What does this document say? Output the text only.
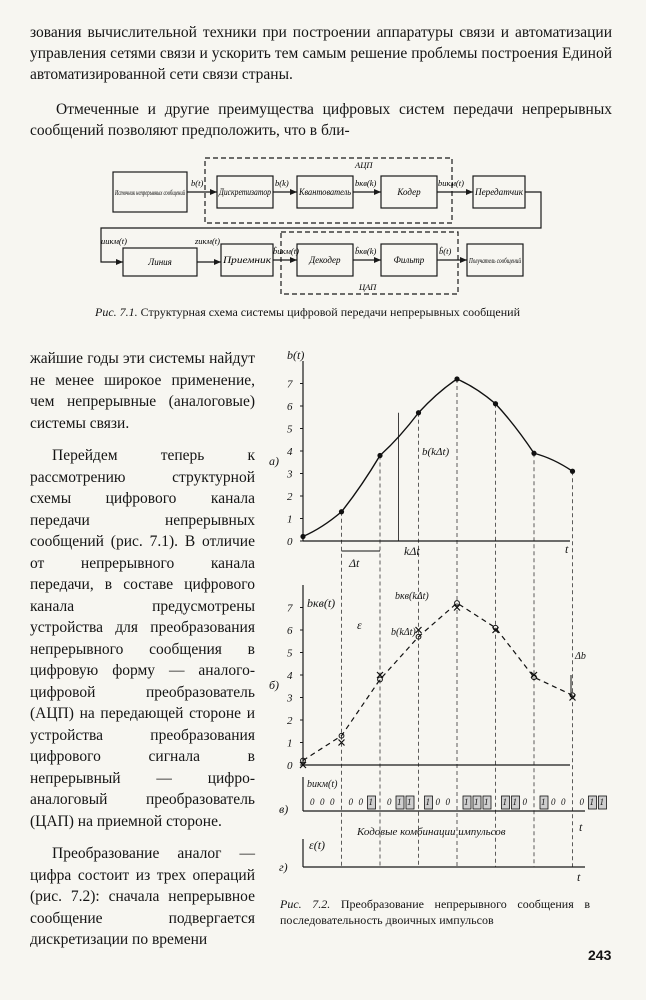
зования вычислительной техники при построении аппаратуры связи и автоматизации управления сетями связи и ускорить тем самым решение проблемы построения Единой автоматизированной сети связи страны.
Отмеченные и другие преимущества цифровых систем передачи непрерывных сообщений позволяют предположить, что в бли-
Источник непрерывных сообщений	Дискретизатор	Квантователь	Кодер	Передатчик
Линия	Приемник	Декодер	Фильтр	Получатель сообщений
АЦП
ЦАП
b(t)	b(k)	bкв(k)	bикм(t)
uикм(t)	zикм(t)
b̂икм(t)	b̂кв(k)	b̂(t)
Рис. 7.1. Структурная схема системы цифровой передачи непрерывных сообщений

жайшие годы эти системы найдут не менее широкое применение, чем непрерывные (аналоговые) системы связи.

Перейдем теперь к рассмотрению структурной схемы цифрового канала передачи непрерывных сообщений (рис. 7.1). В отличие от непрерывного канала передачи, в составе цифрового канала предусмотрены устройства для преобразования непрерывного сообщения в цифровую форму — аналого-цифровой преобразователь (АЦП) на передающей стороне и устройства преобразования цифрового сигнала в непрерывный — цифро-аналоговый преобразователь (ЦАП) на приемной стороне.

Преобразование аналог — цифра состоит из трех операций (рис. 7.2): сначала непрерывное сообщение подвергается дискретизации по времени

0
1
2
3
4
5
6
7
0
1
2
3
4
5
6
7
0 0 0 0 0 1 0 1 1 1 0 0 1 1 1 1 1 0 1 0 0 0 1 1
а)
b(t)
t
Δt
kΔt
b(kΔt)
б)
bкв(t)	bкв(kΔt)
b(kΔt)
ε
Δb
в)
bикм(t)
t
Кодовые комбинации импульсов
г)
ε(t)
t
Рис. 7.2. Преобразование непрерывного сообщения в последовательность двоичных импульсов
243
